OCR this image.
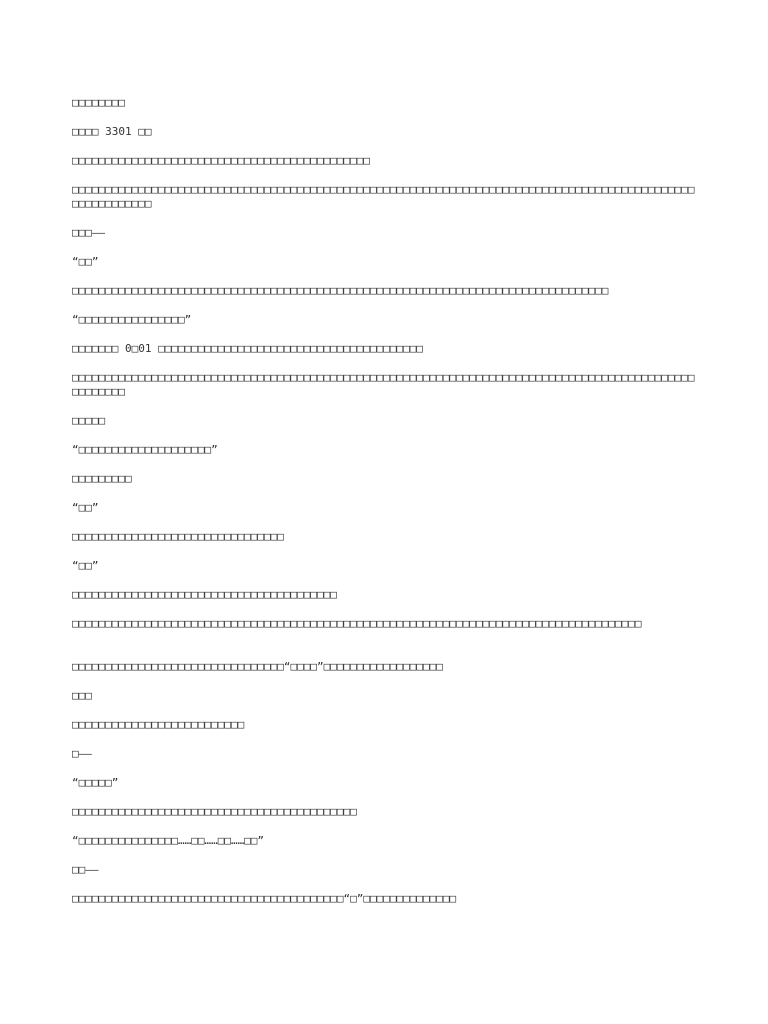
□□□□□□□□

□□□□ 3301 □□

□□□□□□□□□□□□□□□□□□□□□□□□□□□□□□□□□□□□□□□□□□□□□

□□□□□□□□□□□□□□□□□□□□□□□□□□□□□□□□□□□□□□□□□□□□□□□□□□□□□□□□□□□□□□□□□□□□□□□□□□□□□□□□□□□□□□□□□□□□□□□□□□□□□□□□□□

□□□——

“□□”

□□□□□□□□□□□□□□□□□□□□□□□□□□□□□□□□□□□□□□□□□□□□□□□□□□□□□□□□□□□□□□□□□□□□□□□□□□□□□□□□□

“□□□□□□□□□□□□□□□□”

□□□□□□□ 0□01 □□□□□□□□□□□□□□□□□□□□□□□□□□□□□□□□□□□□□□□□

□□□□□□□□□□□□□□□□□□□□□□□□□□□□□□□□□□□□□□□□□□□□□□□□□□□□□□□□□□□□□□□□□□□□□□□□□□□□□□□□□□□□□□□□□□□□□□□□□□□□□□

□□□□□

“□□□□□□□□□□□□□□□□□□□□”

□□□□□□□□□

“□□”

□□□□□□□□□□□□□□□□□□□□□□□□□□□□□□□□

“□□”

□□□□□□□□□□□□□□□□□□□□□□□□□□□□□□□□□□□□□□□□

□□□□□□□□□□□□□□□□□□□□□□□□□□□□□□□□□□□□□□□□□□□□□□□□□□□□□□□□□□□□□□□□□□□□□□□□□□□□□□□□□□□□□□

□□□□□□□□□□□□□□□□□□□□□□□□□□□□□□□□“□□□□”□□□□□□□□□□□□□□□□□□

□□□

□□□□□□□□□□□□□□□□□□□□□□□□□□

□——

“□□□□□”

□□□□□□□□□□□□□□□□□□□□□□□□□□□□□□□□□□□□□□□□□□□

“□□□□□□□□□□□□□□□……□□……□□……□□”

□□——

□□□□□□□□□□□□□□□□□□□□□□□□□□□□□□□□□□□□□□□□□“□”□□□□□□□□□□□□□□
